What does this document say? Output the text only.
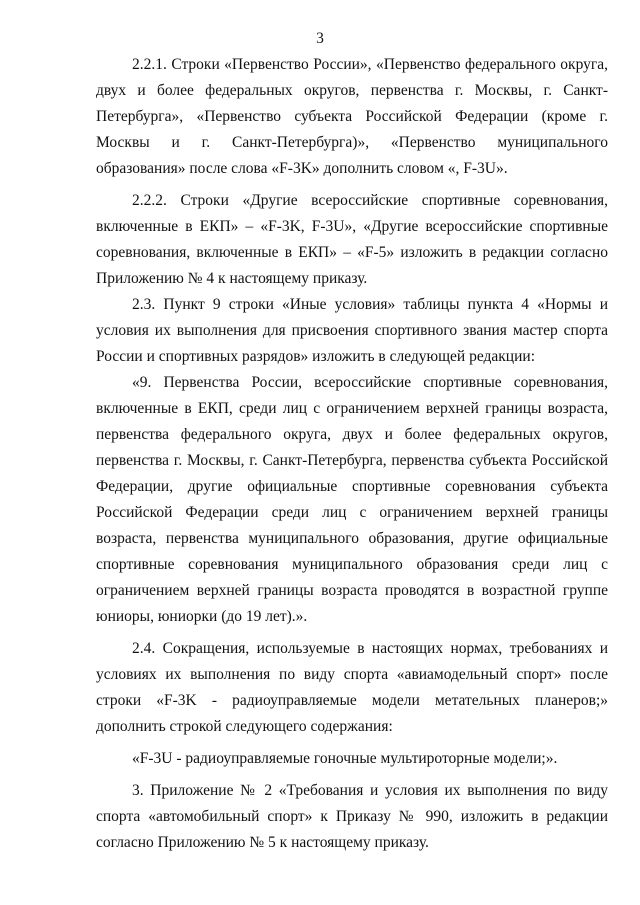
3

2.2.1. Строки «Первенство России», «Первенство федерального округа, двух и более федеральных округов, первенства г. Москвы, г. Санкт-Петербурга», «Первенство субъекта Российской Федерации (кроме г. Москвы и г. Санкт-Петербурга)», «Первенство муниципального образования» после слова «F-3K» дополнить словом «, F-3U».

2.2.2. Строки «Другие всероссийские спортивные соревнования, включенные в ЕКП» – «F-3K, F-3U», «Другие всероссийские спортивные соревнования, включенные в ЕКП» – «F-5» изложить в редакции согласно Приложению № 4 к настоящему приказу.

2.3. Пункт 9 строки «Иные условия» таблицы пункта 4 «Нормы и условия их выполнения для присвоения спортивного звания мастер спорта России и спортивных разрядов» изложить в следующей редакции:

«9. Первенства России, всероссийские спортивные соревнования, включенные в ЕКП, среди лиц с ограничением верхней границы возраста, первенства федерального округа, двух и более федеральных округов, первенства г. Москвы, г. Санкт-Петербурга, первенства субъекта Российской Федерации, другие официальные спортивные соревнования субъекта Российской Федерации среди лиц с ограничением верхней границы возраста, первенства муниципального образования, другие официальные спортивные соревнования муниципального образования среди лиц с ограничением верхней границы возраста проводятся в возрастной группе юниоры, юниорки (до 19 лет).».

2.4. Сокращения, используемые в настоящих нормах, требованиях и условиях их выполнения по виду спорта «авиамодельный спорт» после строки «F-3K - радиоуправляемые модели метательных планеров;» дополнить строкой следующего содержания:

«F-3U - радиоуправляемые гоночные мультироторные модели;».

3. Приложение № 2 «Требования и условия их выполнения по виду спорта «автомобильный спорт» к Приказу № 990, изложить в редакции согласно Приложению № 5 к настоящему приказу.
